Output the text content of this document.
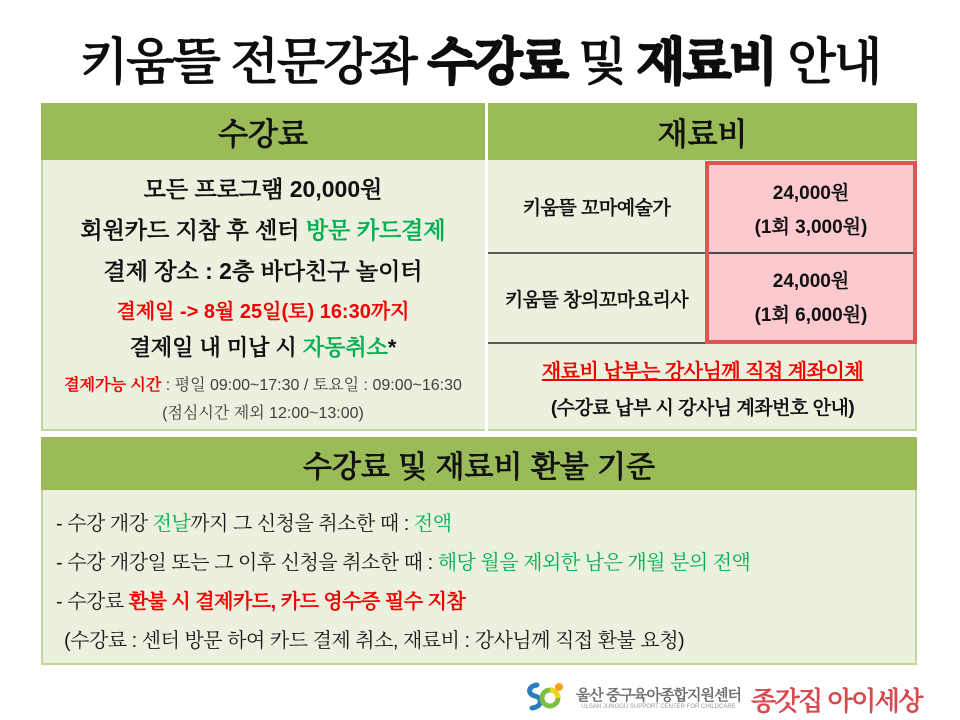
키움뜰 전문강좌 수강료 및 재료비 안내
수강료	재료비
모든 프로그램 20,000원
회원카드 지참 후 센터 방문 카드결제
결제 장소 : 2층 바다친구 놀이터
결제일 -> 8월 25일(토) 16:30까지
결제일 내 미납 시 자동취소*
결제가능 시간 : 평일 09:00~17:30 / 토요일 : 09:00~16:30
(점심시간 제외 12:00~13:00)
키움뜰 꼬마예술가
키움뜰 창의꼬마요리사
24,000원
(1회 3,000원)
24,000원
(1회 6,000원)
재료비 납부는 강사님께 직접 계좌이체
(수강료 납부 시 강사님 계좌번호 안내)
수강료 및 재료비 환불 기준
- 수강 개강 전날까지 그 신청을 취소한 때 : 전액
- 수강 개강일 또는 그 이후 신청을 취소한 때 : 해당 월을 제외한 남은 개월 분의 전액
- 수강료 환불 시 결제카드, 카드 영수증 필수 지참
(수강료 : 센터 방문 하여 카드 결제 취소, 재료비 : 강사님께 직접 환불 요청)
울산 중구육아종합지원센터
ULSAN JUNGGU SUPPORT CENTER FOR CHILDCARE 종갓집 아이세상
